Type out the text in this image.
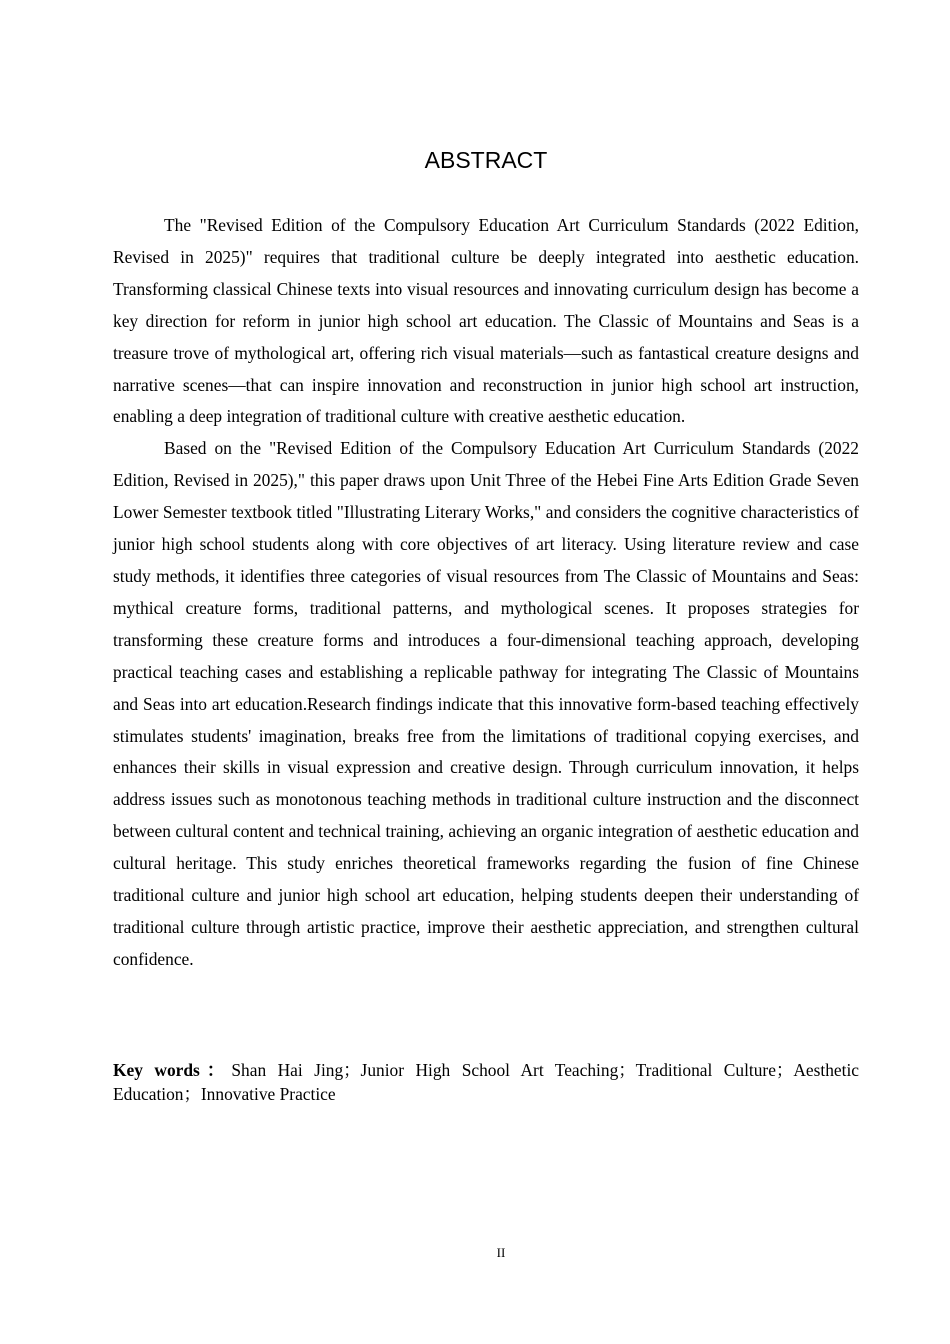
ABSTRACT

The "Revised Edition of the Compulsory Education Art Curriculum Standards (2022 Edition, Revised in 2025)" requires that traditional culture be deeply integrated into aesthetic education. Transforming classical Chinese texts into visual resources and innovating curriculum design has become a key direction for reform in junior high school art education. The Classic of Mountains and Seas is a treasure trove of mythological art, offering rich visual materials—such as fantastical creature designs and narrative scenes—that can inspire innovation and reconstruction in junior high school art instruction, enabling a deep integration of traditional culture with creative aesthetic education.

Based on the "Revised Edition of the Compulsory Education Art Curriculum Standards (2022 Edition, Revised in 2025)," this paper draws upon Unit Three of the Hebei Fine Arts Edition Grade Seven Lower Semester textbook titled "Illustrating Literary Works," and considers the cognitive characteristics of junior high school students along with core objectives of art literacy. Using literature review and case study methods, it identifies three categories of visual resources from The Classic of Mountains and Seas: mythical creature forms, traditional patterns, and mythological scenes. It proposes strategies for transforming these creature forms and introduces a four-dimensional teaching approach, developing practical teaching cases and establishing a replicable pathway for integrating The Classic of Mountains and Seas into art education.Research findings indicate that this innovative form-based teaching effectively stimulates students' imagination, breaks free from the limitations of traditional copying exercises, and enhances their skills in visual expression and creative design. Through curriculum innovation, it helps address issues such as monotonous teaching methods in traditional culture instruction and the disconnect between cultural content and technical training, achieving an organic integration of aesthetic education and cultural heritage. This study enriches theoretical frameworks regarding the fusion of fine Chinese traditional culture and junior high school art education, helping students deepen their understanding of traditional culture through artistic practice, improve their aesthetic appreciation, and strengthen cultural confidence.

Key words：Shan Hai Jing；Junior High School Art Teaching；Traditional Culture；Aesthetic Education；Innovative Practice
II
